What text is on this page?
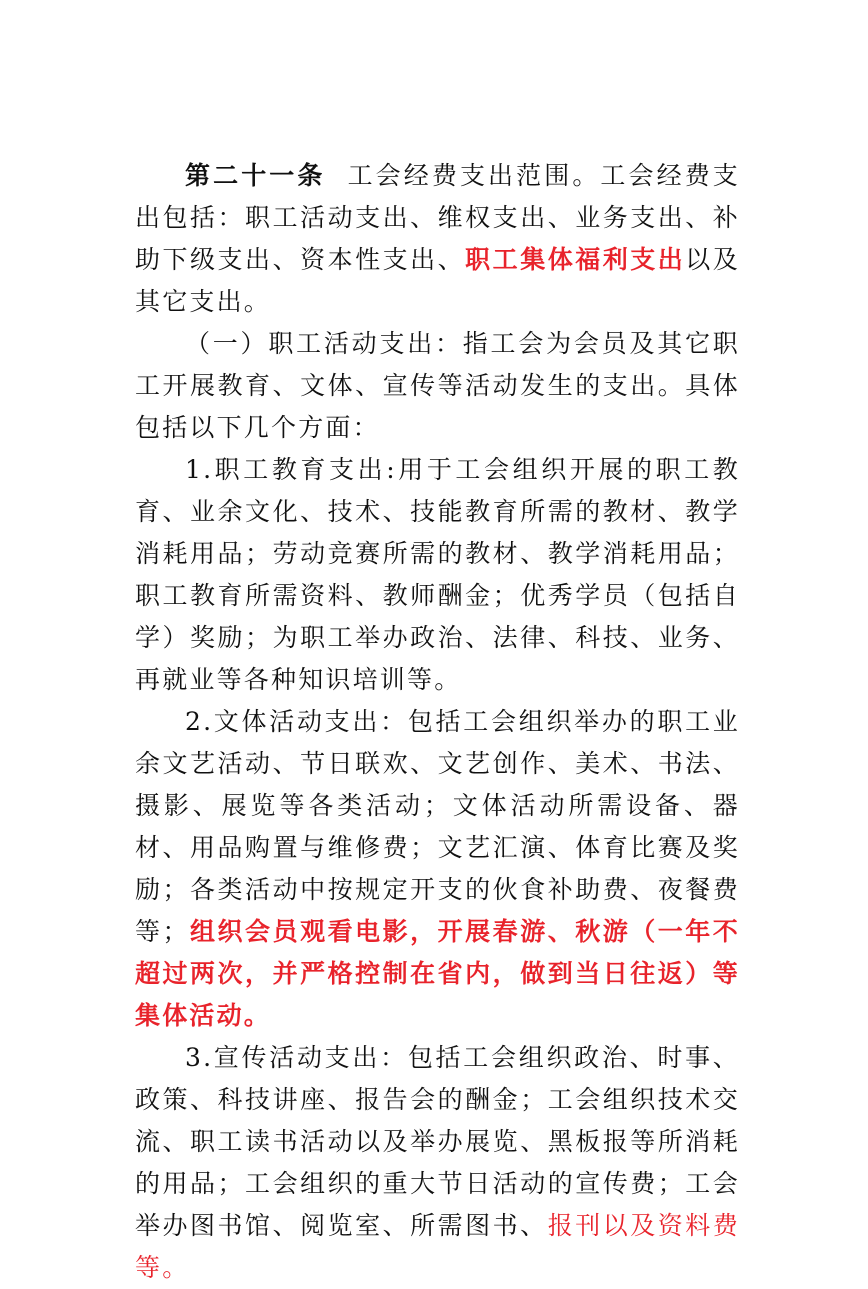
第二十一条 工会经费支出范围。工会经费支出包括：职工活动支出、维权支出、业务支出、补助下级支出、资本性支出、职工集体福利支出以及其它支出。

（一）职工活动支出：指工会为会员及其它职工开展教育、文体、宣传等活动发生的支出。具体包括以下几个方面：

1.职工教育支出:用于工会组织开展的职工教育、业余文化、技术、技能教育所需的教材、教学消耗用品；劳动竞赛所需的教材、教学消耗用品；职工教育所需资料、教师酬金；优秀学员（包括自学）奖励；为职工举办政治、法律、科技、业务、再就业等各种知识培训等。

2.文体活动支出：包括工会组织举办的职工业余文艺活动、节日联欢、文艺创作、美术、书法、摄影、展览等各类活动；文体活动所需设备、器材、用品购置与维修费；文艺汇演、体育比赛及奖励；各类活动中按规定开支的伙食补助费、夜餐费等；组织会员观看电影，开展春游、秋游（一年不超过两次，并严格控制在省内，做到当日往返）等集体活动。

3.宣传活动支出：包括工会组织政治、时事、政策、科技讲座、报告会的酬金；工会组织技术交流、职工读书活动以及举办展览、黑板报等所消耗的用品；工会组织的重大节日活动的宣传费；工会举办图书馆、阅览室、所需图书、报刊以及资料费等。
